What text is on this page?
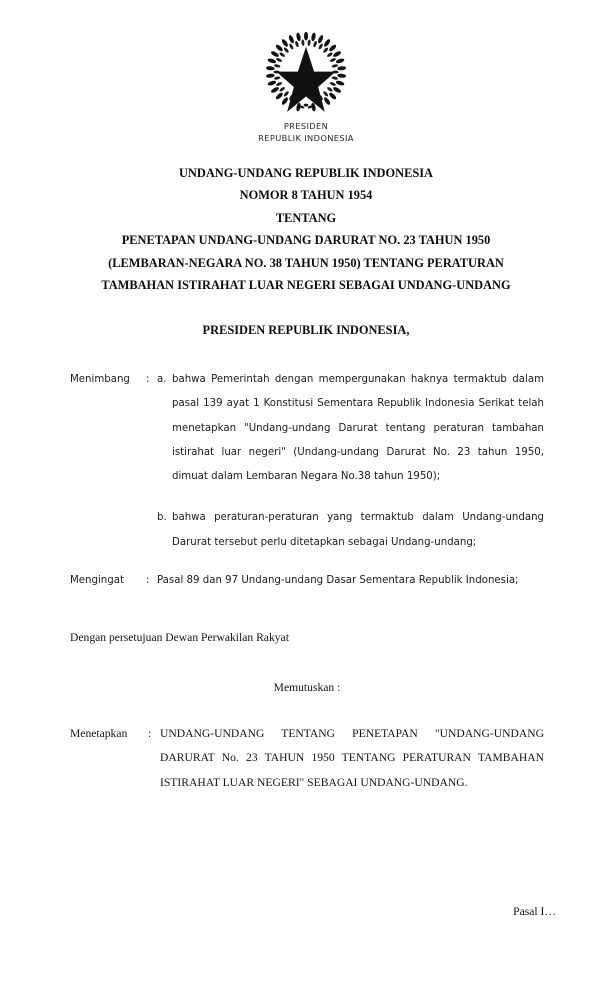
PRESIDEN
REPUBLIK INDONESIA
UNDANG-UNDANG REPUBLIK INDONESIA
NOMOR 8 TAHUN 1954
TENTANG
PENETAPAN UNDANG-UNDANG DARURAT NO. 23 TAHUN 1950
(LEMBARAN-NEGARA NO. 38 TAHUN 1950) TENTANG PERATURAN
TAMBAHAN ISTIRAHAT LUAR NEGERI SEBAGAI UNDANG-UNDANG
PRESIDEN REPUBLIK INDONESIA,
Menimbang	: a. bahwa Pemerintah dengan mempergunakan haknya termaktub dalam pasal 139 ayat 1 Konstitusi Sementara Republik Indonesia Serikat telah menetapkan "Undang-undang Darurat tentang peraturan tambahan istirahat luar negeri" (Undang-undang Darurat No. 23 tahun 1950, dimuat dalam Lembaran Negara No.38 tahun 1950);
b. bahwa peraturan-peraturan yang termaktub dalam Undang-undang Darurat tersebut perlu ditetapkan sebagai Undang-undang;
Mengingat	: Pasal 89 dan 97 Undang-undang Dasar Sementara Republik Indonesia;
Dengan persetujuan Dewan Perwakilan Rakyat
Memutuskan :
Menetapkan	: UNDANG-UNDANG TENTANG PENETAPAN "UNDANG-UNDANG DARURAT No. 23 TAHUN 1950 TENTANG PERATURAN TAMBAHAN ISTIRAHAT LUAR NEGERI" SEBAGAI UNDANG-UNDANG.
Pasal I…
